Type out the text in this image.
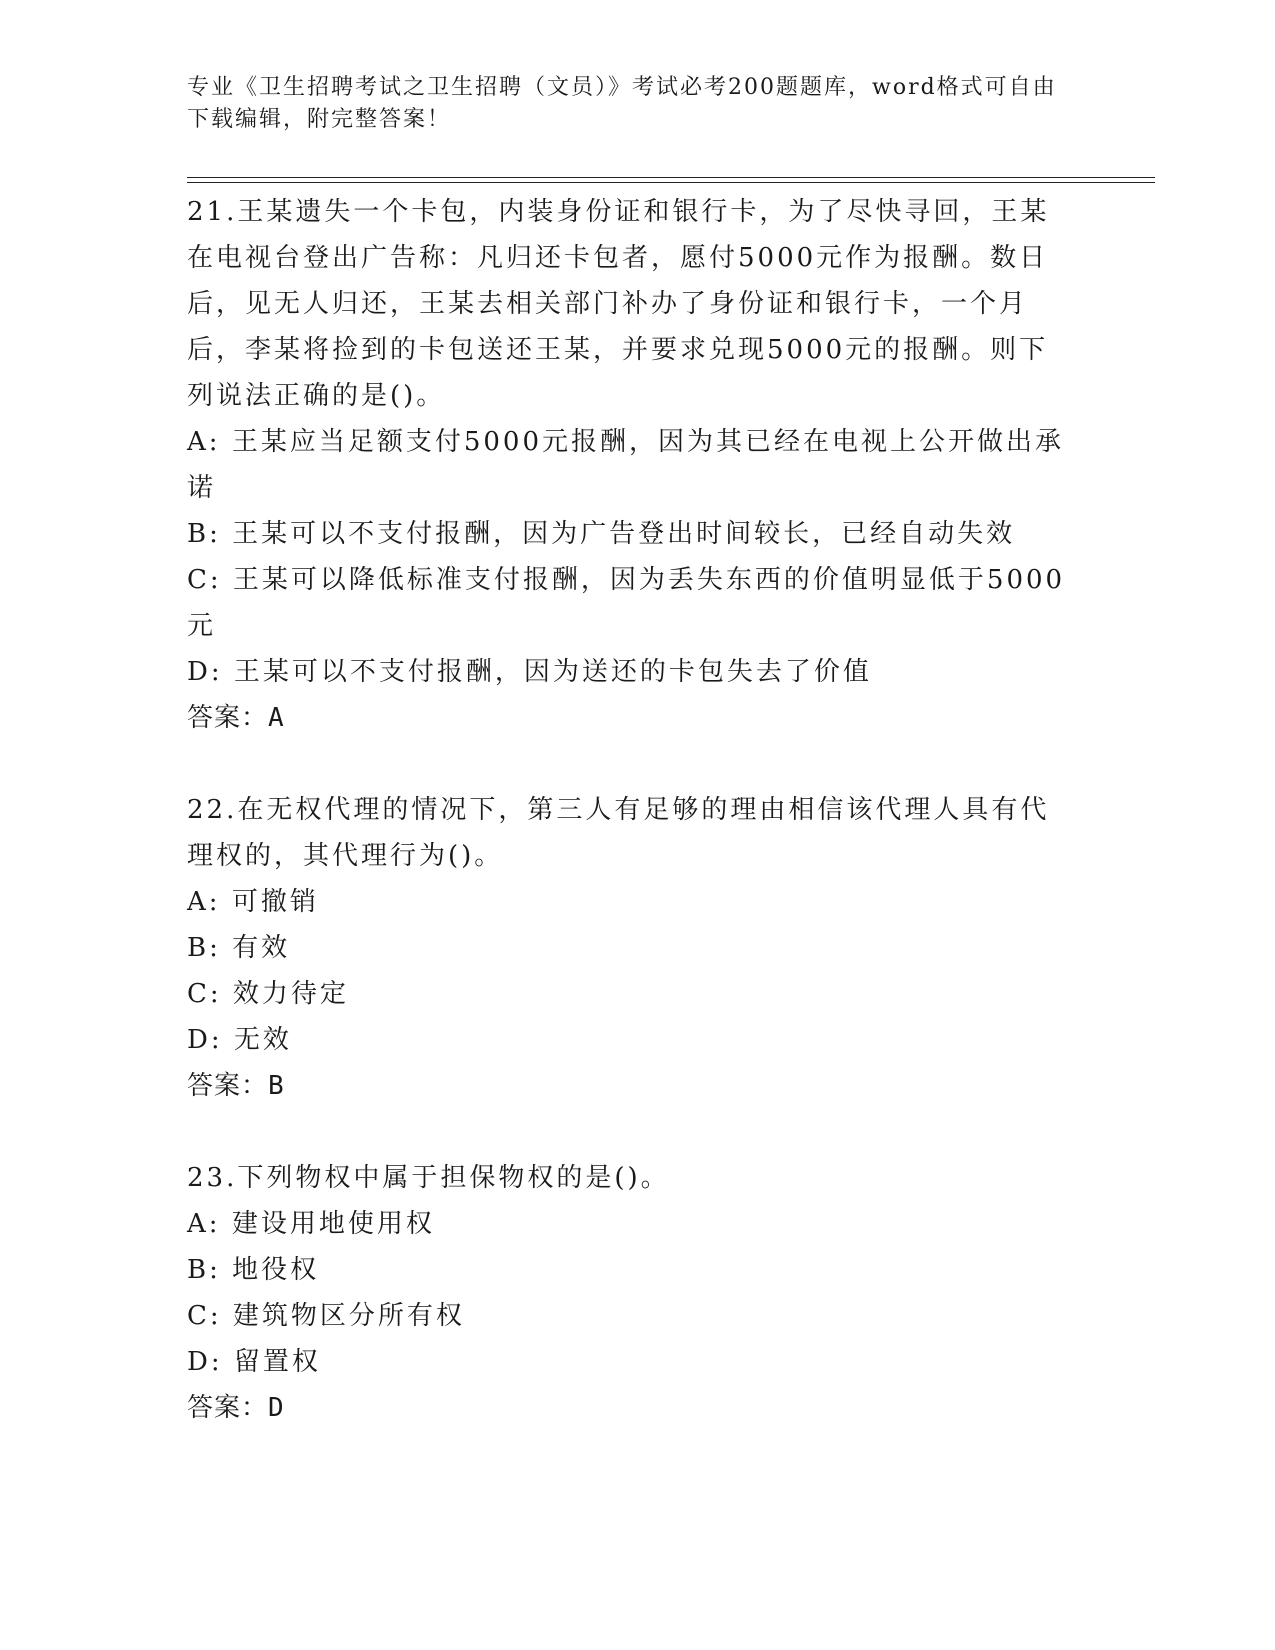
专业《卫生招聘考试之卫生招聘（文员）》考试必考200题题库，word格式可自由下载编辑，附完整答案！

21.王某遗失一个卡包，内装身份证和银行卡，为了尽快寻回，王某在电视台登出广告称：凡归还卡包者，愿付5000元作为报酬。数日后，见无人归还，王某去相关部门补办了身份证和银行卡，一个月后，李某将捡到的卡包送还王某，并要求兑现5000元的报酬。则下列说法正确的是()。

A: 王某应当足额支付5000元报酬，因为其已经在电视上公开做出承诺

B: 王某可以不支付报酬，因为广告登出时间较长，已经自动失效

C: 王某可以降低标准支付报酬，因为丢失东西的价值明显低于5000元

D: 王某可以不支付报酬，因为送还的卡包失去了价值

答案：A

22.在无权代理的情况下，第三人有足够的理由相信该代理人具有代理权的，其代理行为()。

A: 可撤销

B: 有效

C: 效力待定

D: 无效

答案：B

23.下列物权中属于担保物权的是()。

A: 建设用地使用权

B: 地役权

C: 建筑物区分所有权

D: 留置权

答案：D
